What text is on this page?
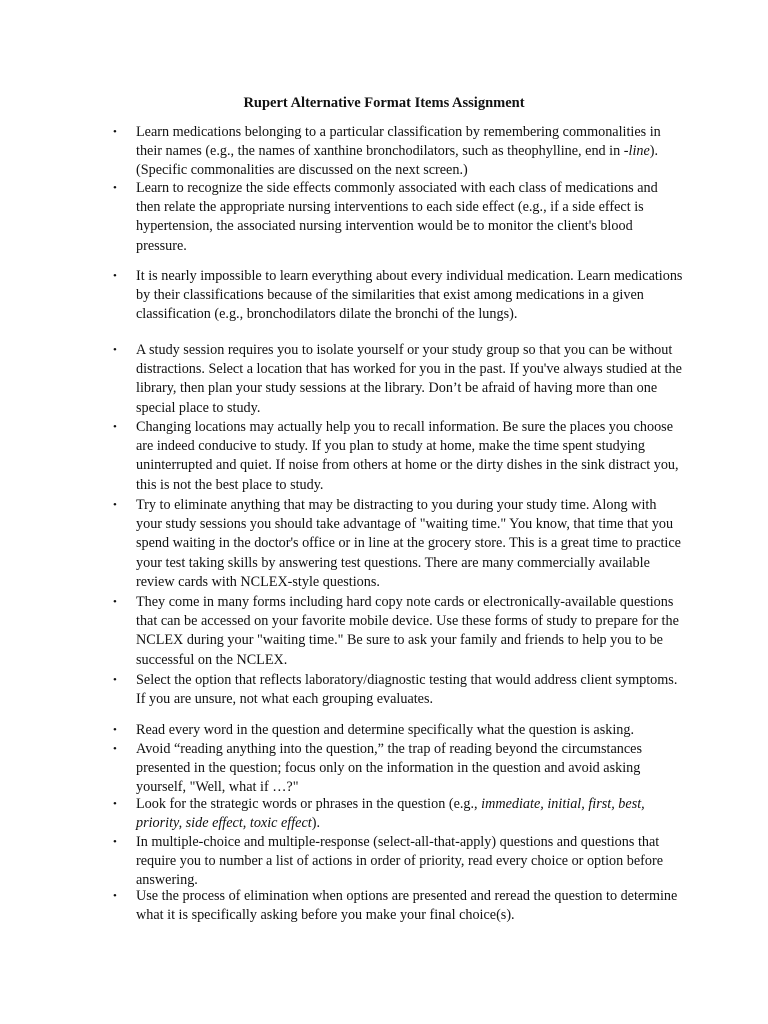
Rupert Alternative Format Items Assignment
• Learn medications belonging to a particular classification by remembering commonalities in their names (e.g., the names of xanthine bronchodilators, such as theophylline, end in -line). (Specific commonalities are discussed on the next screen.)
• Learn to recognize the side effects commonly associated with each class of medications and then relate the appropriate nursing interventions to each side effect (e.g., if a side effect is hypertension, the associated nursing intervention would be to monitor the client's blood pressure.
• It is nearly impossible to learn everything about every individual medication. Learn medications by their classifications because of the similarities that exist among medications in a given classification (e.g., bronchodilators dilate the bronchi of the lungs).
• A study session requires you to isolate yourself or your study group so that you can be without distractions. Select a location that has worked for you in the past. If you've always studied at the library, then plan your study sessions at the library. Don’t be afraid of having more than one special place to study.
• Changing locations may actually help you to recall information. Be sure the places you choose are indeed conducive to study. If you plan to study at home, make the time spent studying uninterrupted and quiet. If noise from others at home or the dirty dishes in the sink distract you, this is not the best place to study.
• Try to eliminate anything that may be distracting to you during your study time. Along with your study sessions you should take advantage of "waiting time." You know, that time that you spend waiting in the doctor's office or in line at the grocery store. This is a great time to practice your test taking skills by answering test questions. There are many commercially available review cards with NCLEX-style questions.
• They come in many forms including hard copy note cards or electronically-available questions that can be accessed on your favorite mobile device. Use these forms of study to prepare for the NCLEX during your "waiting time." Be sure to ask your family and friends to help you to be successful on the NCLEX.
• Select the option that reflects laboratory/diagnostic testing that would address client symptoms. If you are unsure, not what each grouping evaluates.
• Read every word in the question and determine specifically what the question is asking.
• Avoid “reading anything into the question,” the trap of reading beyond the circumstances presented in the question; focus only on the information in the question and avoid asking yourself, "Well, what if …?"
• Look for the strategic words or phrases in the question (e.g., immediate, initial, first, best, priority, side effect, toxic effect).
• In multiple-choice and multiple-response (select-all-that-apply) questions and questions that require you to number a list of actions in order of priority, read every choice or option before answering.
• Use the process of elimination when options are presented and reread the question to determine what it is specifically asking before you make your final choice(s).
